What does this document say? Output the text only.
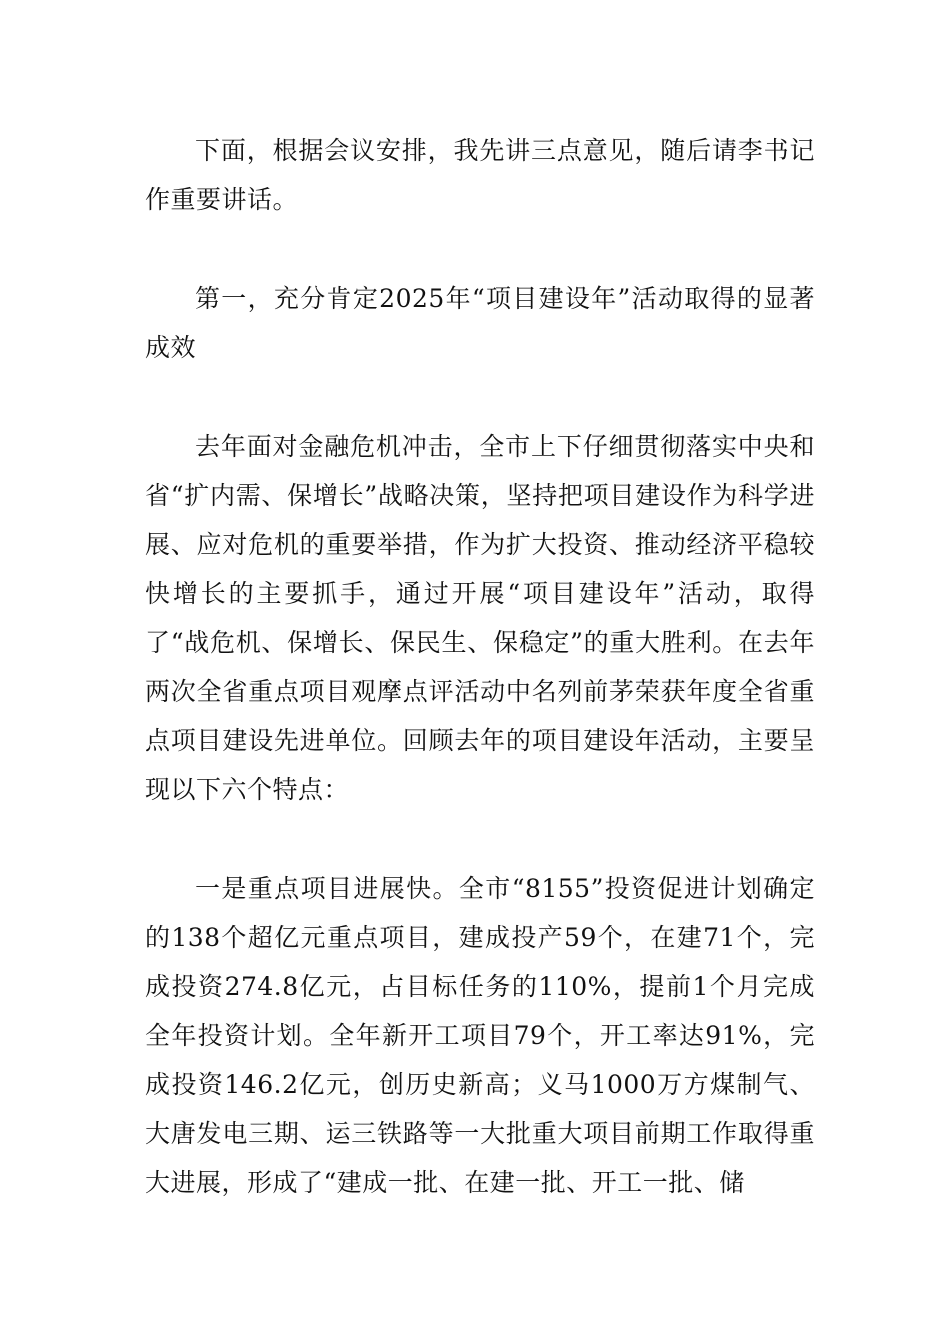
下面，根据会议安排，我先讲三点意见，随后请李书记作重要讲话。

第一，充分肯定2025年“项目建设年”活动取得的显著成效

去年面对金融危机冲击，全市上下仔细贯彻落实中央和省“扩内需、保增长”战略决策，坚持把项目建设作为科学进展、应对危机的重要举措，作为扩大投资、推动经济平稳较快增长的主要抓手，通过开展“项目建设年”活动，取得了“战危机、保增长、保民生、保稳定”的重大胜利。在去年两次全省重点项目观摩点评活动中名列前茅荣获年度全省重点项目建设先进单位。回顾去年的项目建设年活动，主要呈现以下六个特点：

一是重点项目进展快。全市“8155”投资促进计划确定的138个超亿元重点项目，建成投产59个，在建71个，完成投资274.8亿元，占目标任务的110%，提前1个月完成全年投资计划。全年新开工项目79个，开工率达91%，完成投资146.2亿元，创历史新高；义马1000万方煤制气、大唐发电三期、运三铁路等一大批重大项目前期工作取得重大进展，形成了“建成一批、在建一批、开工一批、储
